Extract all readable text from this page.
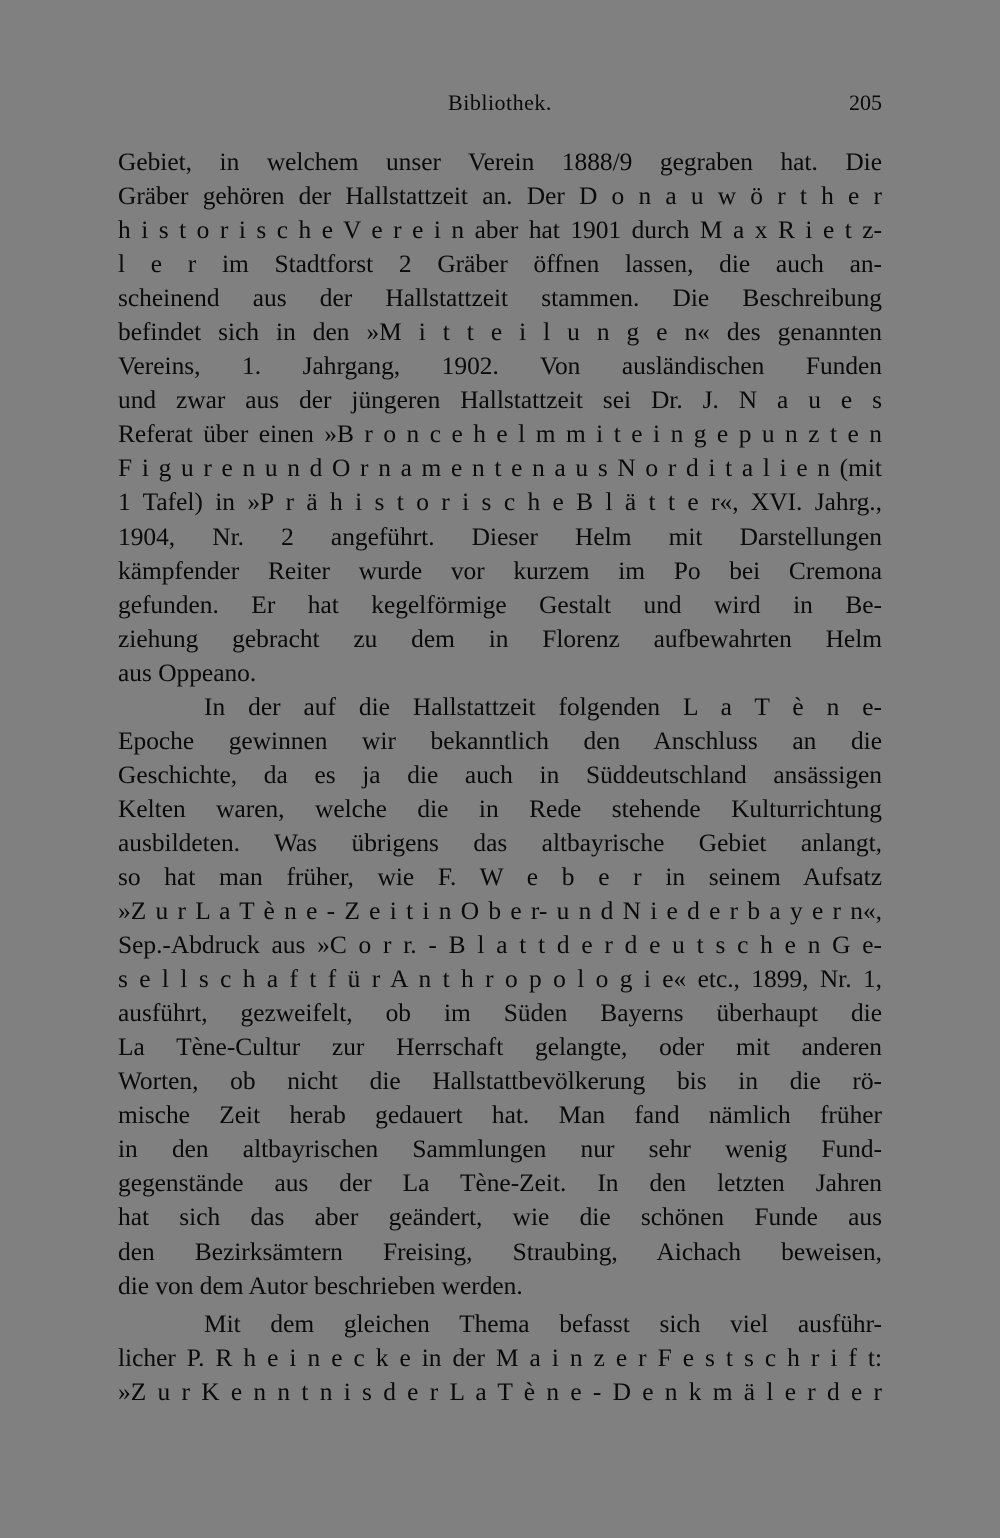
Bibliothek.	205
Gebiet, in welchem unser Verein 1888/9 gegraben hat. Die
Gräber gehören der Hallstattzeit an. Der D o n a u w ö r t h e r
h i s t o r i s c h e V e r e i n aber hat 1901 durch M a x R i e t z-
l e r im Stadtforst 2 Gräber öffnen lassen, die auch an-
scheinend aus der Hallstattzeit stammen. Die Beschreibung
befindet sich in den »M i t t e i l u n g e n« des genannten
Vereins, 1. Jahrgang, 1902. Von ausländischen Funden
und zwar aus der jüngeren Hallstattzeit sei Dr. J. N a u e s
Referat über einen »B r o n c e h e l m m i t e i n g e p u n z t e n
F i g u r e n u n d O r n a m e n t e n a u s N o r d i t a l i e n (mit
1 Tafel) in »P r ä h i s t o r i s c h e B l ä t t e r«, XVI. Jahrg.,
1904, Nr. 2 angeführt. Dieser Helm mit Darstellungen
kämpfender Reiter wurde vor kurzem im Po bei Cremona
gefunden. Er hat kegelförmige Gestalt und wird in Be-
ziehung gebracht zu dem in Florenz aufbewahrten Helm
aus Oppeano.
In der auf die Hallstattzeit folgenden L a T è n e-
Epoche gewinnen wir bekanntlich den Anschluss an die
Geschichte, da es ja die auch in Süddeutschland ansässigen
Kelten waren, welche die in Rede stehende Kulturrichtung
ausbildeten. Was übrigens das altbayrische Gebiet anlangt,
so hat man früher, wie F. W e b e r in seinem Aufsatz
»Z u r L a T è n e - Z e i t i n O b e r- u n d N i e d e r b a y e r n«,
Sep.-Abdruck aus »C o r r. - B l a t t d e r d e u t s c h e n G e-
s e l l s c h a f t f ü r A n t h r o p o l o g i e« etc., 1899, Nr. 1,
ausführt, gezweifelt, ob im Süden Bayerns überhaupt die
La Tène-Cultur zur Herrschaft gelangte, oder mit anderen
Worten, ob nicht die Hallstattbevölkerung bis in die rö-
mische Zeit herab gedauert hat. Man fand nämlich früher
in den altbayrischen Sammlungen nur sehr wenig Fund-
gegenstände aus der La Tène-Zeit. In den letzten Jahren
hat sich das aber geändert, wie die schönen Funde aus
den Bezirksämtern Freising, Straubing, Aichach beweisen,
die von dem Autor beschrieben werden.
Mit dem gleichen Thema befasst sich viel ausführ-
licher P. R h e i n e c k e in der M a i n z e r F e s t s c h r i f t:
»Z u r K e n n t n i s d e r L a T è n e - D e n k m ä l e r d e r
